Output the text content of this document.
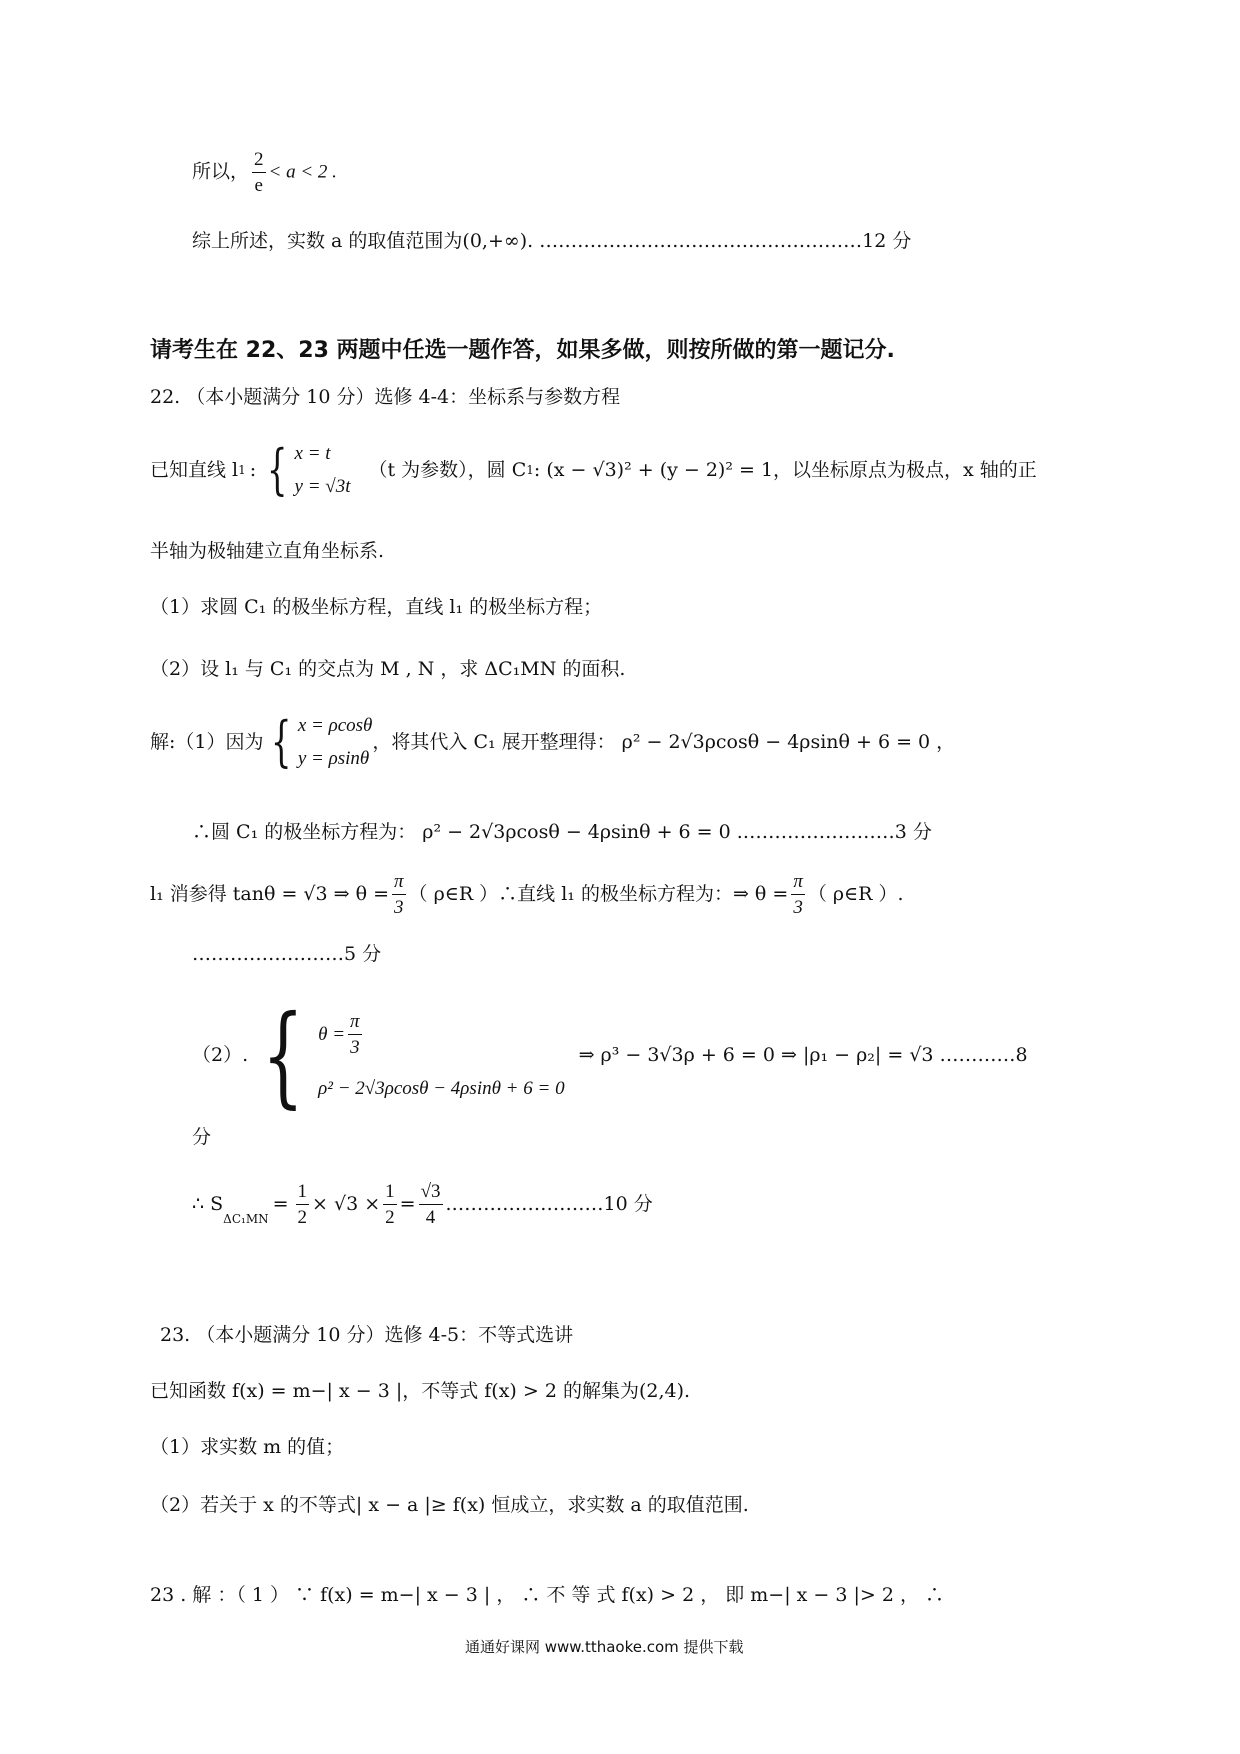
所以， $\frac{2}{e} < a < 2$ .
综上所述，实数 a 的取值范围为(0,+∞). ……………………………………………12 分
请考生在 22、23 两题中任选一题作答，如果多做，则按所做的第一题记分.
22. （本小题满分 10 分）选修 4-4：坐标系与参数方程
已知直线 l 1 : { x = t
y = √3t
（t 为参数），圆 C 1 : (x − √3)² + (y − 2)² = 1，以坐标原点为极点，x 轴的正
半轴为极轴建立直角坐标系.
（1）求圆 C₁ 的极坐标方程，直线 l₁ 的极坐标方程；
（2）设 l₁ 与 C₁ 的交点为 M , N ，求 ΔC₁MN 的面积.
解:（1）因为 { x = ρcosθ
y = ρsinθ
，将其代入 C₁ 展开整理得： ρ² − 2√3ρcosθ − 4ρsinθ + 6 = 0 ，
∴圆 C₁ 的极坐标方程为： ρ² − 2√3ρcosθ − 4ρsinθ + 6 = 0 .……………………3 分
l₁ 消参得 tanθ = √3 ⇒ $\theta = \frac{\pi}{3}$ （ ρ∈R ）∴直线 l₁ 的极坐标方程为：⇒ $\theta = \frac{\pi}{3}$ （ ρ∈R ）.
……………………5 分
（2）. { $\theta = \frac{\pi}{3}$
ρ² − 2√3ρcosθ − 4ρsinθ + 6 = 0
⇒ ρ³ − 3√3ρ + 6 = 0 ⇒ |ρ₁ − ρ₂| = √3 …………8
分
∴ S
$_{\Delta C_1MN}$
= $\frac{1}{2} \times √3 \times \frac{1}{2} = \frac{√3}{4}$ .……………………10 分
23. （本小题满分 10 分）选修 4-5：不等式选讲
已知函数 f(x) = m−| x − 3 |，不等式 f(x) > 2 的解集为(2,4).
（1）求实数 m 的值；
（2）若关于 x 的不等式| x − a |≥ f(x) 恒成立，求实数 a 的取值范围.
23 . 解 ：（ 1 ） ∵ f(x) = m−| x − 3 | ， ∴ 不 等 式 f(x) > 2 ， 即 m−| x − 3 |> 2 ， ∴
通通好课网 www.tthaoke.com 提供下载
